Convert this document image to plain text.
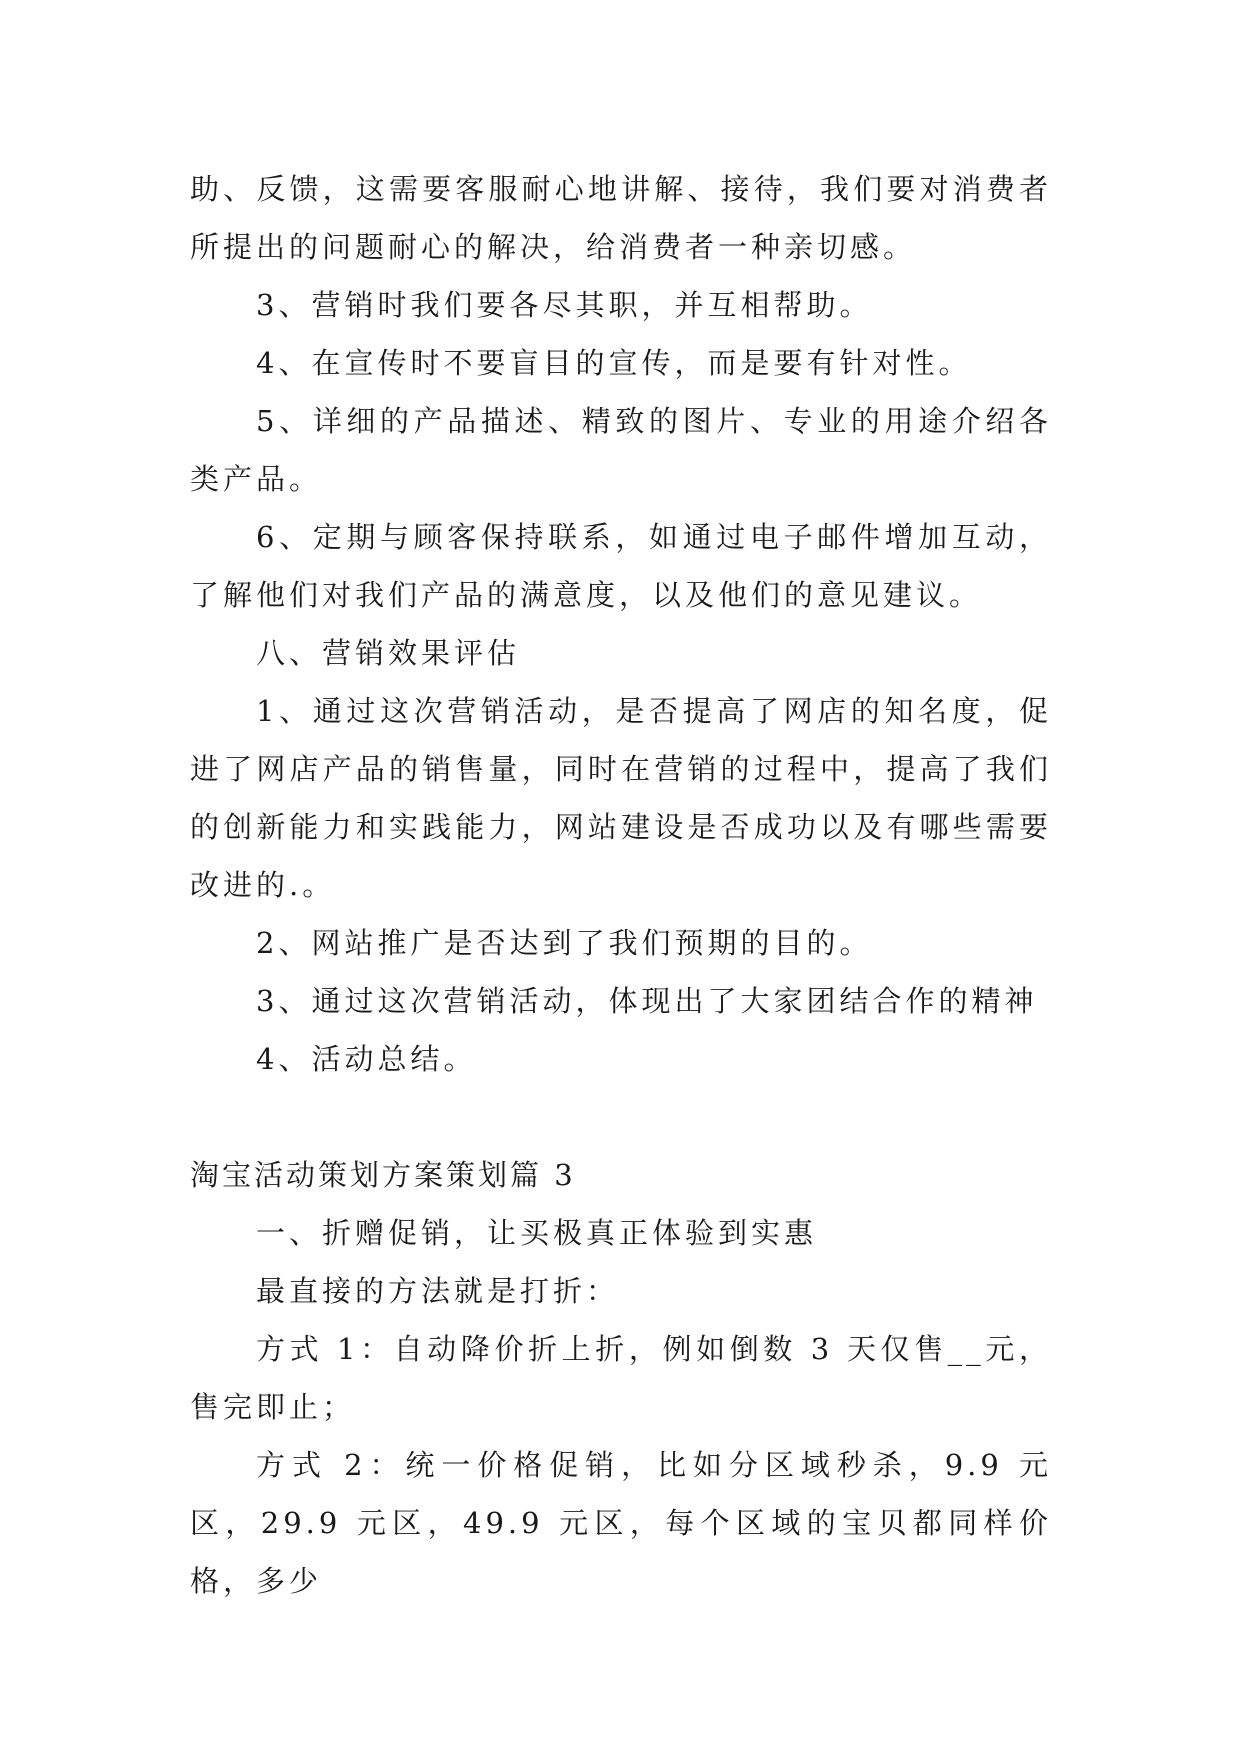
助、反馈，这需要客服耐心地讲解、接待，我们要对消费者所提出的问题耐心的解决，给消费者一种亲切感。

3、营销时我们要各尽其职，并互相帮助。

4、在宣传时不要盲目的宣传，而是要有针对性。

5、详细的产品描述、精致的图片、专业的用途介绍各类产品。

6、定期与顾客保持联系，如通过电子邮件增加互动，了解他们对我们产品的满意度，以及他们的意见建议。

八、营销效果评估

1、通过这次营销活动，是否提高了网店的知名度，促进了网店产品的销售量，同时在营销的过程中，提高了我们的创新能力和实践能力，网站建设是否成功以及有哪些需要改进的.。

2、网站推广是否达到了我们预期的目的。

3、通过这次营销活动，体现出了大家团结合作的精神

4、活动总结。

淘宝活动策划方案策划篇 3

一、折赠促销，让买极真正体验到实惠

最直接的方法就是打折：

方式 1：自动降价折上折，例如倒数 3 天仅售__元，售完即止；

方式 2：统一价格促销，比如分区域秒杀，9.9 元区，29.9 元区，49.9 元区，每个区域的宝贝都同样价格，多少
